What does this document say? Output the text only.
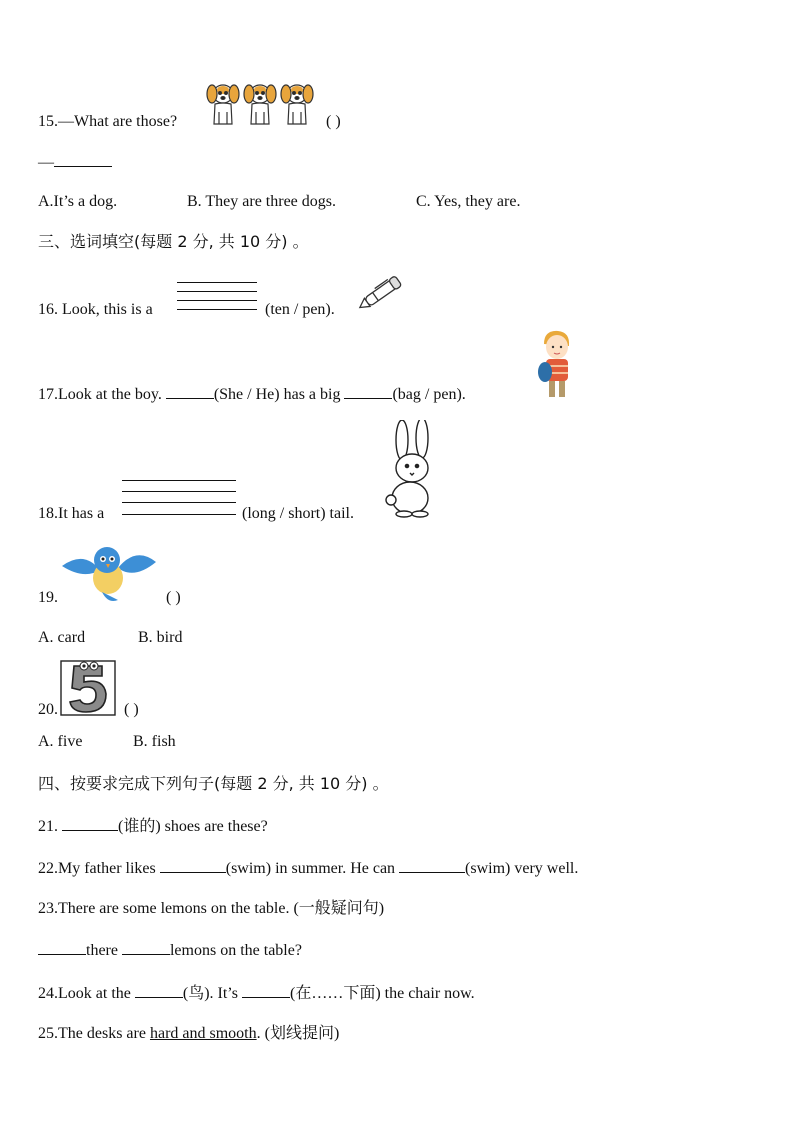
15.—What are those?	( )
—
A.It’s a dog.	B. They are three dogs.	C. Yes, they are.
三、选词填空(每题 2 分, 共 10 分) 。
16. Look, this is a	(ten / pen).
17.Look at the boy.	(She / He) has a big	(bag / pen).
18.It has a	(long / short) tail.
19.	( )
A. card	B. bird
20.	( )
A. five	B. fish
四、按要求完成下列句子(每题 2 分, 共 10 分) 。
21.	(谁的) shoes are these?
22.My father likes	(swim) in summer. He can	(swim) very well.
23.There are some lemons on the table. (一般疑问句)
there	lemons on the table?
24.Look at the	(鸟). It’s	(在……下面) the chair now.
25.The desks are hard and smooth. (划线提问)
